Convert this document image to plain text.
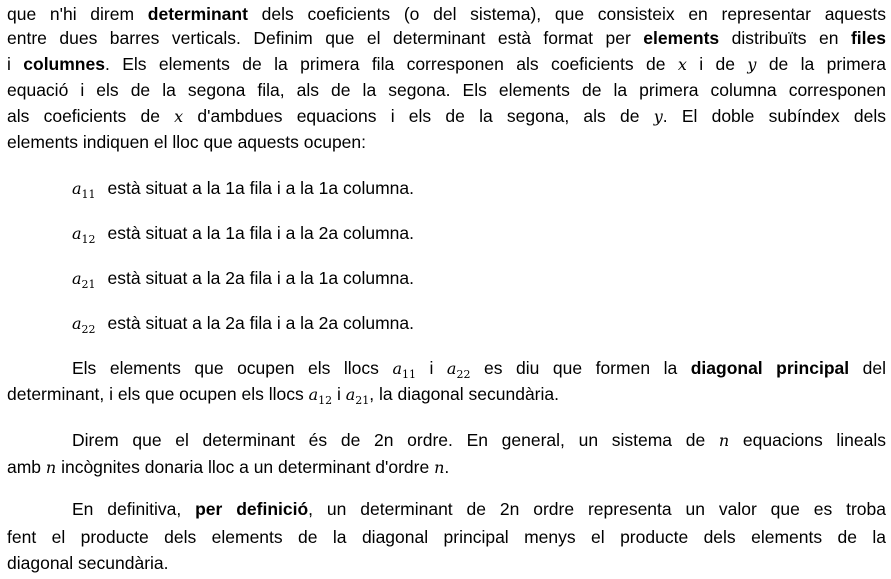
que n'hi direm determinant dels coeficients (o del sistema), que consisteix en representar aquests
entre dues barres verticals. Definim que el determinant està format per elements distribuïts en files
i columnes. Els elements de la primera fila corresponen als coeficients de x i de y de la primera
equació i els de la segona fila, als de la segona. Els elements de la primera columna corresponen
als coeficients de x d'ambdues equacions i els de la segona, als de y. El doble subíndex dels
elements indiquen el lloc que aquests ocupen:
$a_{11}$ està situat a la 1a fila i a la 1a columna.
$a_{12}$ està situat a la 1a fila i a la 2a columna.
$a_{21}$ està situat a la 2a fila i a la 1a columna.
$a_{22}$ està situat a la 2a fila i a la 2a columna.
Els elements que ocupen els llocs $a_{11}$ i $a_{22}$ es diu que formen la diagonal principal del
determinant, i els que ocupen els llocs $a_{12}$ i $a_{21}$, la diagonal secundària.
Direm que el determinant és de 2n ordre. En general, un sistema de n equacions lineals
amb n incògnites donaria lloc a un determinant d'ordre n.
En definitiva, per definició, un determinant de 2n ordre representa un valor que es troba
fent el producte dels elements de la diagonal principal menys el producte dels elements de la
diagonal secundària.
